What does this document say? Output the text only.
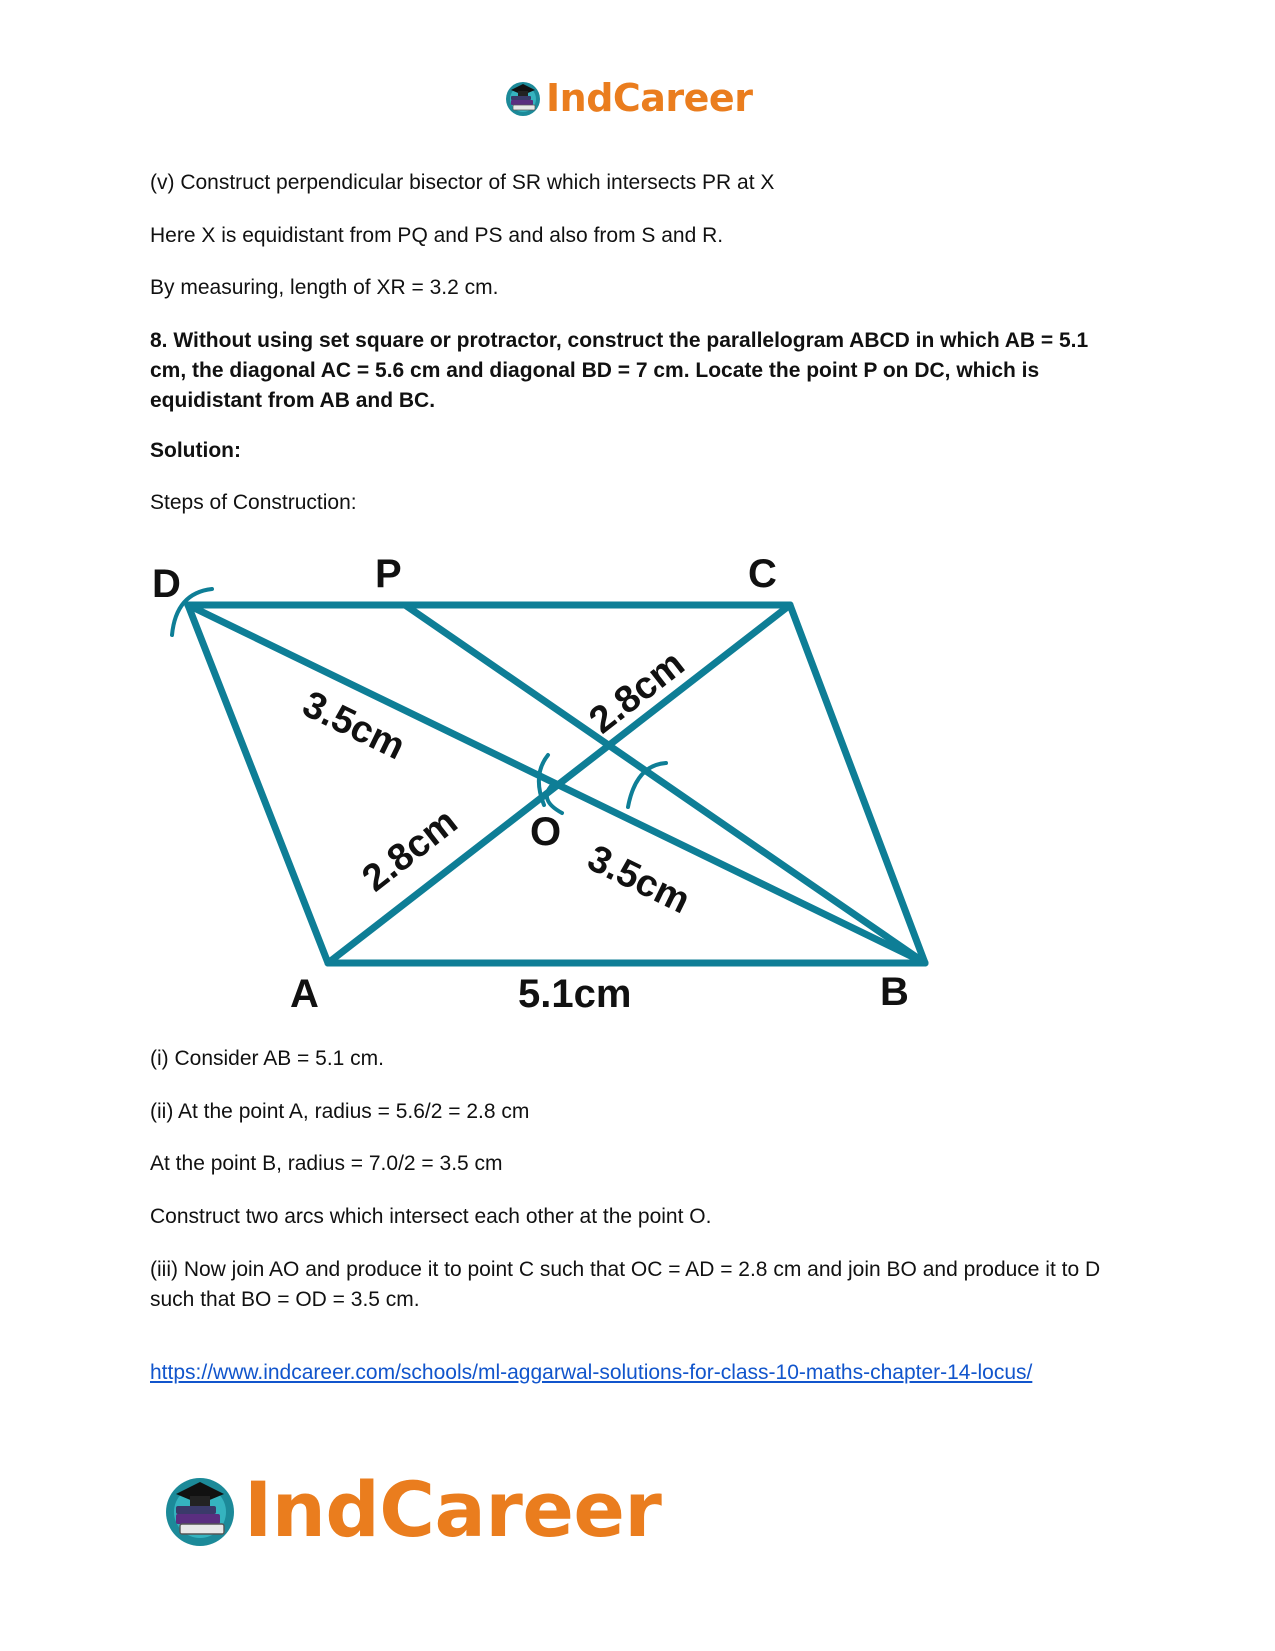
IndCareer

(v) Construct perpendicular bisector of SR which intersects PR at X

Here X is equidistant from PQ and PS and also from S and R.

By measuring, length of XR = 3.2 cm.

8. Without using set square or protractor, construct the parallelogram ABCD in which AB = 5.1 cm, the diagonal AC = 5.6 cm and diagonal BD = 7 cm. Locate the point P on DC, which is equidistant from AB and BC.

Solution:

Steps of Construction:

D	P	C
O
A	B
3.5cm	2.8cm
2.8cm	3.5cm
5.1cm

(i) Consider AB = 5.1 cm.

(ii) At the point A, radius = 5.6/2 = 2.8 cm

At the point B, radius = 7.0/2 = 3.5 cm

Construct two arcs which intersect each other at the point O.

(iii) Now join AO and produce it to point C such that OC = AD = 2.8 cm and join BO and produce it to D such that BO = OD = 3.5 cm.

https://www.indcareer.com/schools/ml-aggarwal-solutions-for-class-10-maths-chapter-14-locus/

IndCareer
